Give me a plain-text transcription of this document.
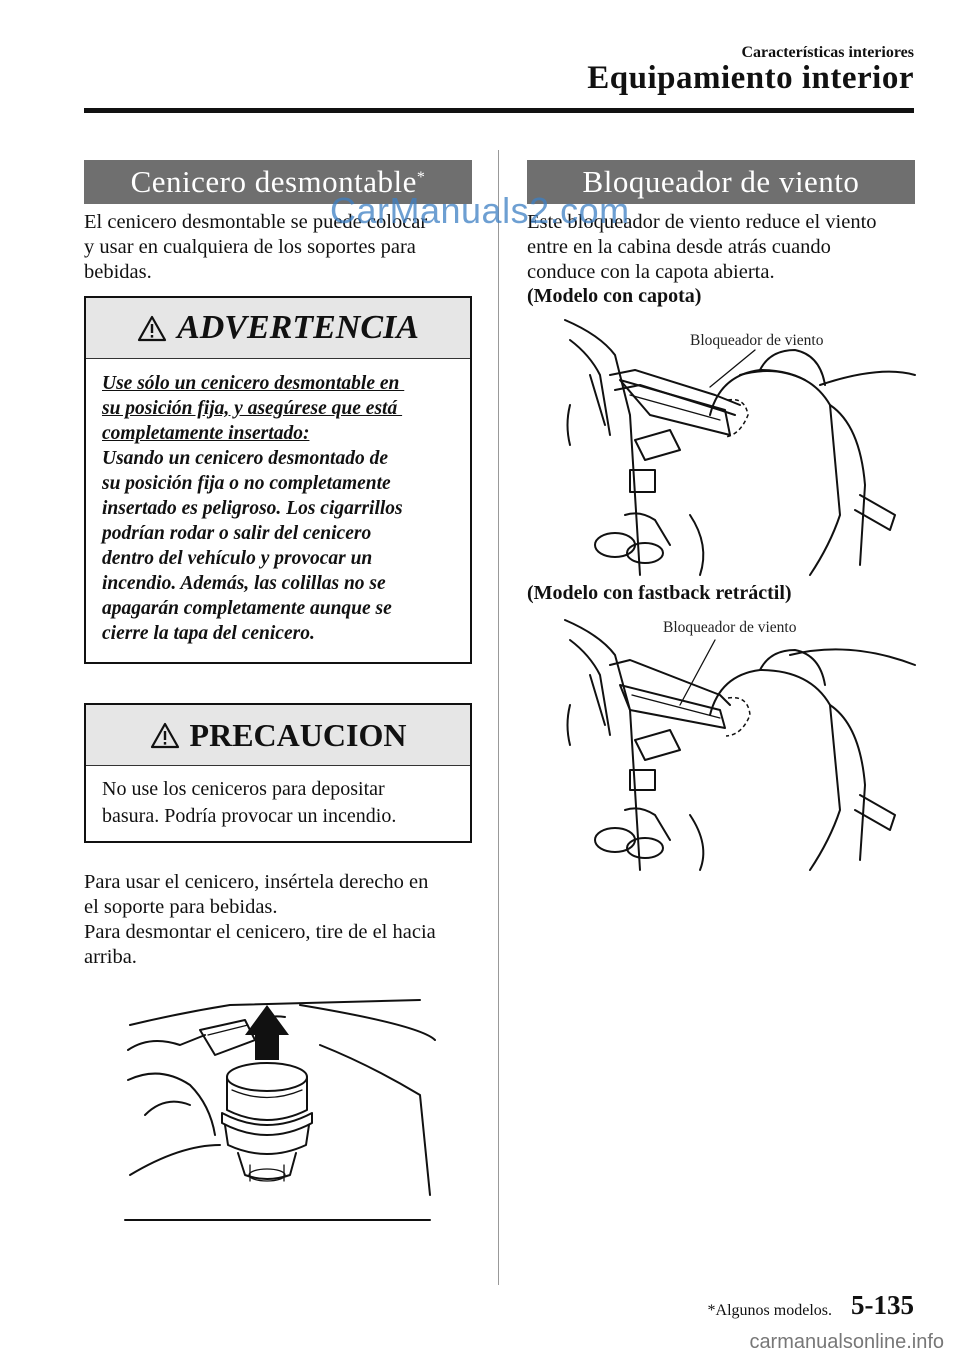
Características interiores
Equipamiento interior
Cenicero desmontable*
El cenicero desmontable se puede colocar
y usar en cualquiera de los soportes para
bebidas.
ADVERTENCIA
Use sólo un cenicero desmontable en
su posición fija, y asegúrese que está
completamente insertado:
Usando un cenicero desmontado de
su posición fija o no completamente
insertado es peligroso. Los cigarrillos
podrían rodar o salir del cenicero
dentro del vehículo y provocar un
incendio. Además, las colillas no se
apagarán completamente aunque se
cierre la tapa del cenicero.
PRECAUCION
No use los ceniceros para depositar
basura. Podría provocar un incendio.
Para usar el cenicero, insértela derecho en
el soporte para bebidas.
Para desmontar el cenicero, tire de el hacia
arriba.
Bloqueador de viento
Este bloqueador de viento reduce el viento
entre en la cabina desde atrás cuando
conduce con la capota abierta.
(Modelo con capota)
Bloqueador de viento
(Modelo con fastback retráctil)
Bloqueador de viento
*Algunos modelos. 5-135
CarManuals2.com
carmanualsonline.info
